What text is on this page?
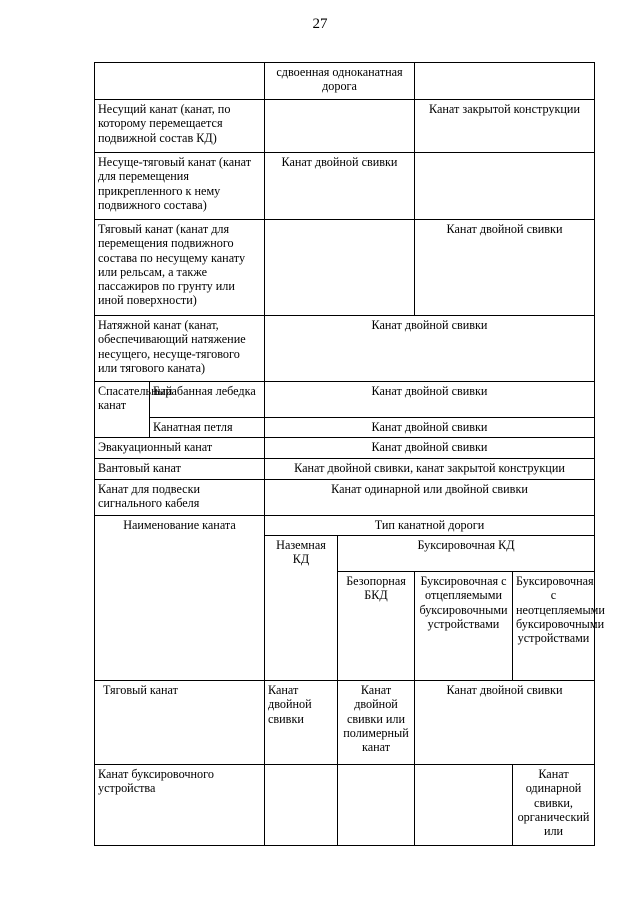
27
		сдвоенная одноканатная дорога			
Несущий канат (канат, по которому перемещается подвижной состав КД)				Канат закрытой конструкции	
Несуще-тяговый канат (канат для перемещения прикрепленного к нему подвижного состава)		Канат двойной свивки			
Тяговый канат (канат для перемещения подвижного состава по несущему канату или рельсам, а также пассажиров по грунту или иной поверхности)				Канат двойной свивки	
Натяжной канат (канат, обеспечивающий натяжение несущего, несуще-тягового или тягового каната)		Канат двойной свивки			
Спасательный канат	Барабанная лебедка	Канат двойной свивки			
	Канатная петля	Канат двойной свивки			
Эвакуационный канат		Канат двойной свивки			
Вантовый канат		Канат двойной свивки, канат закрытой конструкции			
Канат для подвески сигнального кабеля		Канат одинарной или двойной свивки			
Наименование каната		Тип канатной дороги			
		Наземная КД	Буксировочная КД		
			Безопорная БКД	Буксировочная с отцепляемыми буксировочными устройствами	Буксировочная с неотцепляемыми буксировочными устройствами
Тяговый канат		Канат двойной свивки	Канат двойной свивки или полимерный канат	Канат двойной свивки	
Канат буксировочного устройства					Канат одинарной свивки, органический или
